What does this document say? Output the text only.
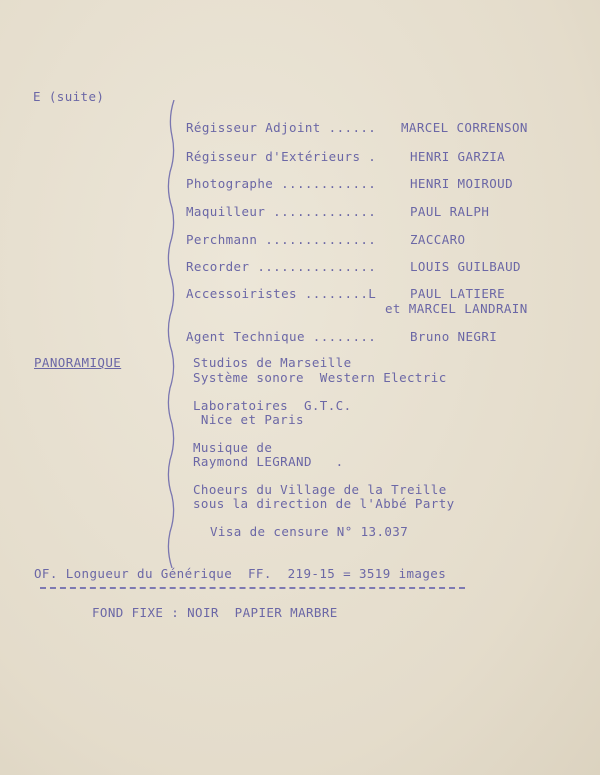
E (suite)
Régisseur Adjoint ...... MARCEL CORRENSON
Régisseur d'Extérieurs .	HENRI GARZIA
Photographe ............	HENRI MOIROUD
Maquilleur .............	PAUL RALPH
Perchmann ..............	ZACCARO
Recorder ...............	LOUIS GUILBAUD
Accessoiristes ........L	PAUL LATIERE
et MARCEL LANDRAIN
Agent Technique ........	Bruno NEGRI
PANORAMIQUE	Studios de Marseille
Système sonore  Western Electric
Laboratoires  G.T.C.
Nice et Paris
Musique de
Raymond LEGRAND   .
Choeurs du Village de la Treille
sous la direction de l'Abbé Party
Visa de censure N° 13.037
OF. Longueur du Générique  FF.  219-15 = 3519 images
FOND FIXE : NOIR  PAPIER MARBRE
